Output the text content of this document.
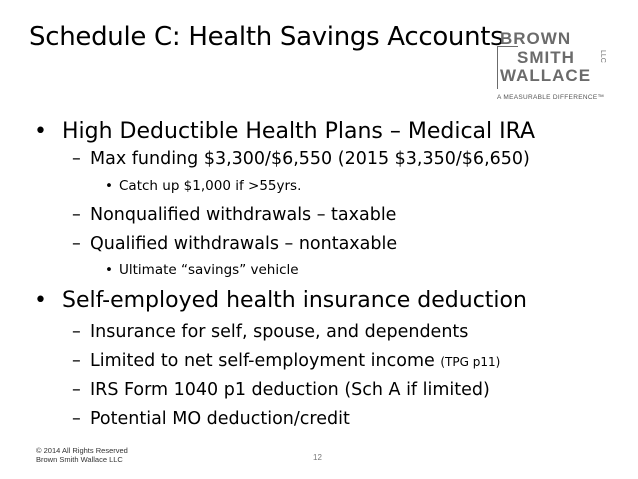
Schedule C: Health Savings Accounts
BROWN
SMITH
WALLACE
LLC
A MEASURABLE DIFFERENCE™
• High Deductible Health Plans – Medical IRA
– Max funding $3,300/$6,550 (2015 $3,350/$6,650)
• Catch up $1,000 if >55yrs.
– Nonqualified withdrawals – taxable
– Qualified withdrawals – nontaxable
• Ultimate “savings” vehicle
• Self-employed health insurance deduction
– Insurance for self, spouse, and dependents
– Limited to net self-employment income (TPG p11)
– IRS Form 1040 p1 deduction (Sch A if limited)
– Potential MO deduction/credit
© 2014 All Rights Reserved
Brown Smith Wallace LLC	12
